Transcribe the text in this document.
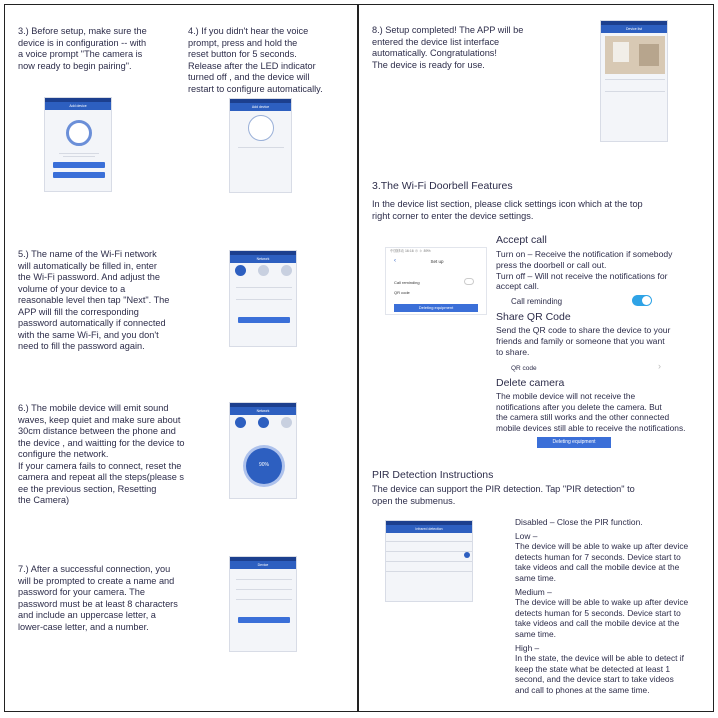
3.) Before setup, make sure the
device is in configuration -- with
a voice prompt "The camera is
now ready to begin pairing".
4.) If you didn't hear the voice
prompt, press and hold the
reset button for 5 seconds.
Release after the LED indicator
turned off , and the device will
restart to configure automatically.
Add device	Add device
5.) The name of the Wi-Fi network
will automatically be filled in, enter
the Wi-Fi password. And adjust the
volume of your device to a
reasonable level then tap "Next". The
APP will fill the corresponding
password automatically if connected
with the same Wi-Fi, and you don't
need to fill the password again.
Network
6.) The mobile device will emit sound
waves, keep quiet and make sure about
30cm distance between the phone and
the device , and waitting for the device to
configure the network.
If your camera fails to connect, reset the
camera and repeat all the steps(please s
ee the previous section, Resetting
the Camera)
Network
90%
7.) After a successful connection, you
will be prompted to create a name and
password for your camera. The
password must be at least 8 characters
and include an uppercase letter, a
lower-case letter, and a number.
Device
8.) Setup completed! The APP will be
entered the device list interface
automatically. Congratulations!
The device is ready for use.
Device list
3.The Wi-Fi Doorbell Features
In the device list section, please click settings icon which at the top
right corner to enter the device settings.
中国移动 16:16 ⊕ ✽ 89%
‹	Set up
Call reminding
QR code
Deleting equipment
Accept call
Turn on – Receive the notification if somebody
press the doorbell or call out.
Turn off – Will not receive the notifications for
accept call.
Call reminding
Share QR Code
Send the QR code to share the device to your
friends and family or someone that you want
to share.
QR code	›
Delete camera
The mobile device will not receive the
notifications after you delete the camera. But
the camera still works and the other connected
mobile devices still able to receive the notifications.
Deleting equipment
PIR Detection Instructions
The device can support the PIR detection. Tap "PIR detection" to
open the submenus.
Infrared detection
Disabled – Close the PIR function.
Low –
The device will be able to wake up after device
detects human for 7 seconds. Device start to
take videos and call the mobile device at the
same time.
Medium –
The device will be able to wake up after device
detects human for 5 seconds. Device start to
take videos and call the mobile device at the
same time.
High –
In the state, the device will be able to detect if
keep the state what be detected at least 1
second, and the device start to take videos
and call to phones at the same time.
